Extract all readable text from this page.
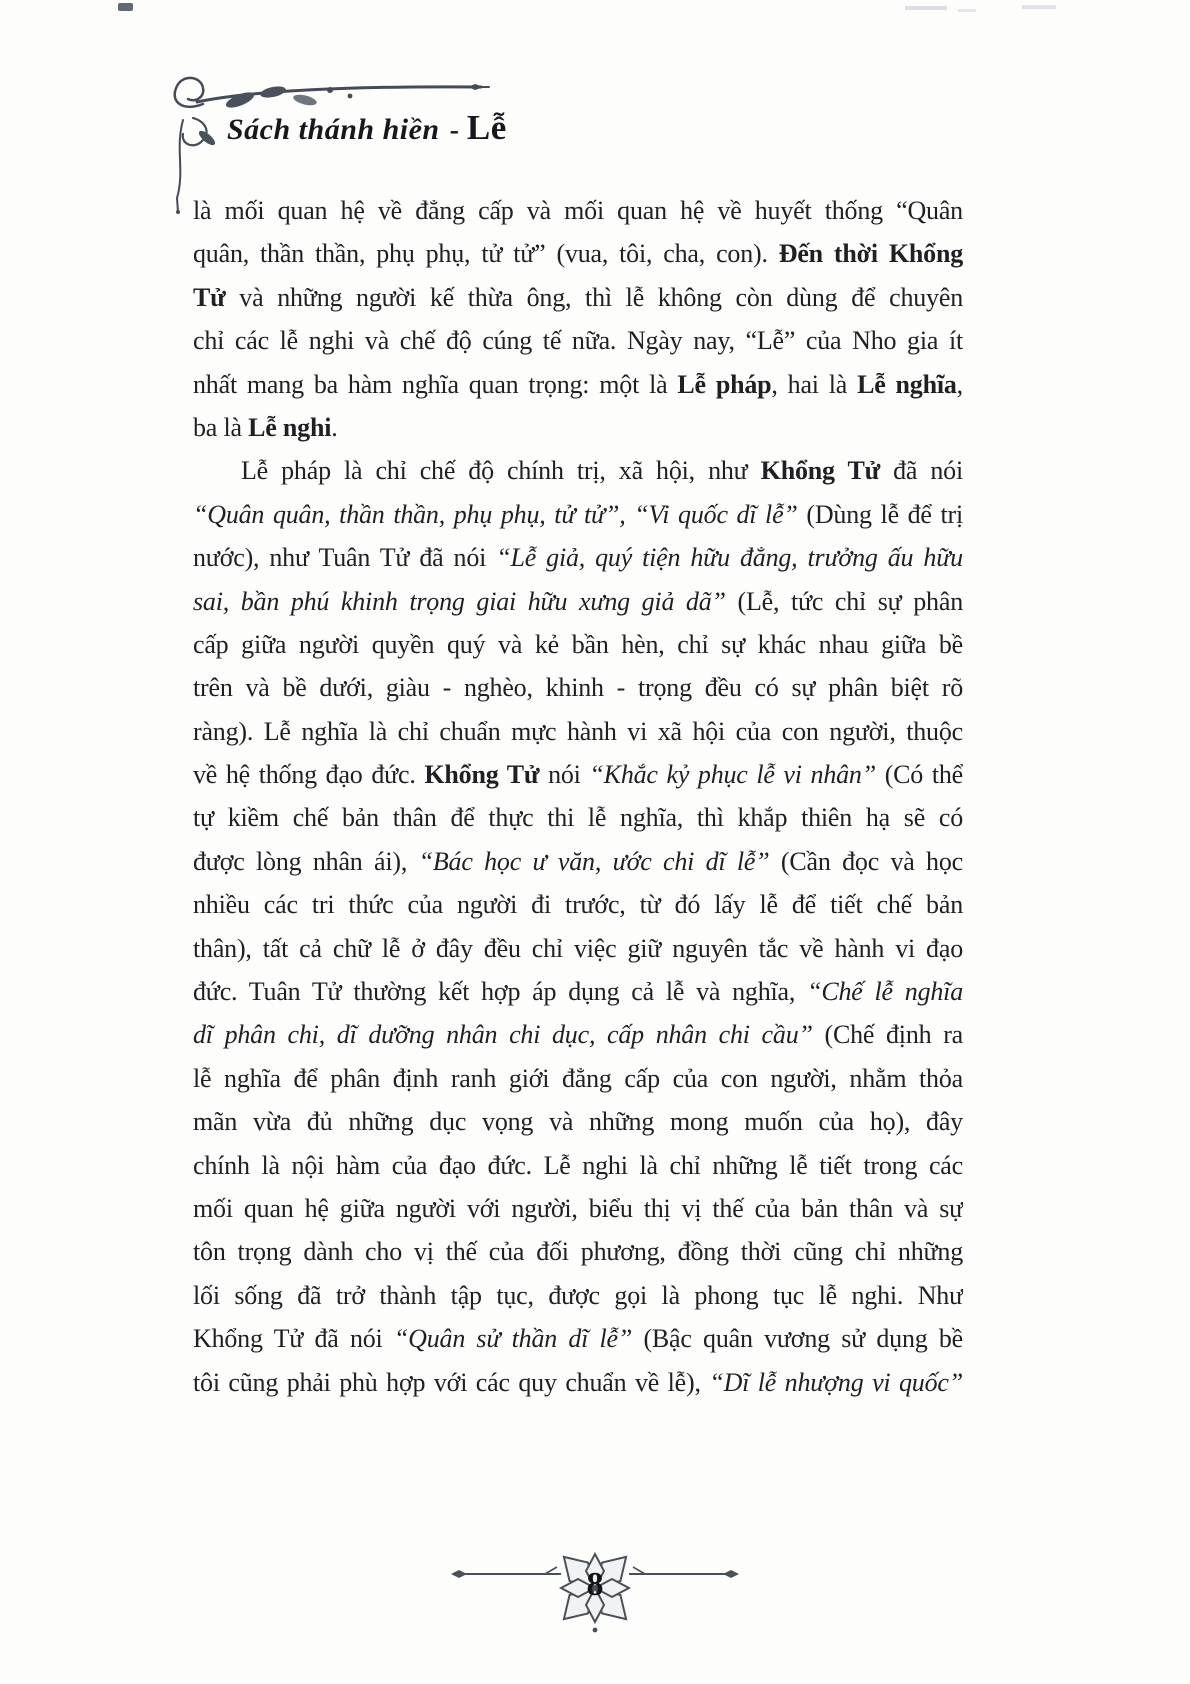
Sách thánh hiền - Lễ
là mối quan hệ về đẳng cấp và mối quan hệ về huyết thống “Quân
quân, thần thần, phụ phụ, tử tử” (vua, tôi, cha, con). Đến thời Khổng
Tử và những người kế thừa ông, thì lễ không còn dùng để chuyên
chỉ các lễ nghi và chế độ cúng tế nữa. Ngày nay, “Lễ” của Nho gia ít
nhất mang ba hàm nghĩa quan trọng: một là Lễ pháp, hai là Lễ nghĩa,
ba là Lễ nghi.
Lễ pháp là chỉ chế độ chính trị, xã hội, như Khổng Tử đã nói
“Quân quân, thần thần, phụ phụ, tử tử”, “Vi quốc dĩ lễ” (Dùng lễ để trị
nước), như Tuân Tử đã nói “Lễ giả, quý tiện hữu đẳng, trưởng ấu hữu
sai, bần phú khinh trọng giai hữu xưng giả dã” (Lễ, tức chỉ sự phân
cấp giữa người quyền quý và kẻ bần hèn, chỉ sự khác nhau giữa bề
trên và bề dưới, giàu - nghèo, khinh - trọng đều có sự phân biệt rõ
ràng). Lễ nghĩa là chỉ chuẩn mực hành vi xã hội của con người, thuộc
về hệ thống đạo đức. Khổng Tử nói “Khắc kỷ phục lễ vi nhân” (Có thể
tự kiềm chế bản thân để thực thi lễ nghĩa, thì khắp thiên hạ sẽ có
được lòng nhân ái), “Bác học ư văn, ước chi dĩ lễ” (Cần đọc và học
nhiều các tri thức của người đi trước, từ đó lấy lễ để tiết chế bản
thân), tất cả chữ lễ ở đây đều chỉ việc giữ nguyên tắc về hành vi đạo
đức. Tuân Tử thường kết hợp áp dụng cả lễ và nghĩa, “Chế lễ nghĩa
dĩ phân chi, dĩ dưỡng nhân chi dục, cấp nhân chi cầu” (Chế định ra
lễ nghĩa để phân định ranh giới đẳng cấp của con người, nhằm thỏa
mãn vừa đủ những dục vọng và những mong muốn của họ), đây
chính là nội hàm của đạo đức. Lễ nghi là chỉ những lễ tiết trong các
mối quan hệ giữa người với người, biểu thị vị thế của bản thân và sự
tôn trọng dành cho vị thế của đối phương, đồng thời cũng chỉ những
lối sống đã trở thành tập tục, được gọi là phong tục lễ nghi. Như
Khổng Tử đã nói “Quân sử thần dĩ lễ” (Bậc quân vương sử dụng bề
tôi cũng phải phù hợp với các quy chuẩn về lễ), “Dĩ lễ nhượng vi quốc”
8
